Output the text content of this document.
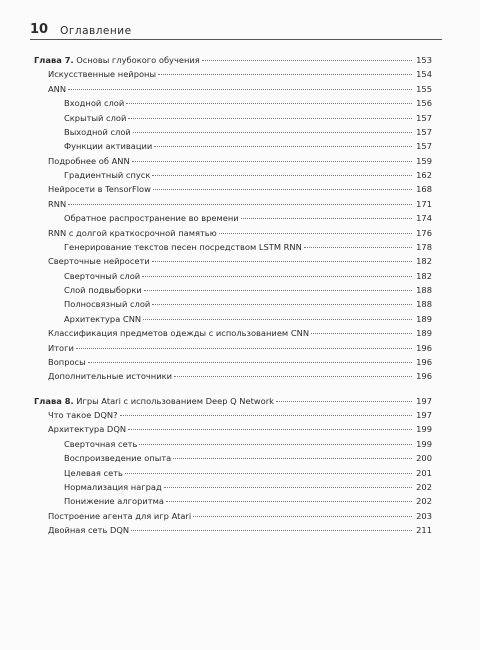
10 Оглавление
Глава 7. Основы глубокого обучения	153
Искусственные нейроны	154
ANN	155
Входной слой	156
Скрытый слой	157
Выходной слой	157
Функции активации	157
Подробнее об ANN	159
Градиентный спуск	162
Нейросети в TensorFlow	168
RNN	171
Обратное распространение во времени	174
RNN с долгой краткосрочной памятью	176
Генерирование текстов песен посредством LSTM RNN	178
Сверточные нейросети	182
Сверточный слой	182
Слой подвыборки	188
Полносвязный слой	188
Архитектура CNN	189
Классификация предметов одежды с использованием CNN	189
Итоги	196
Вопросы	196
Дополнительные источники	196
Глава 8. Игры Atari с использованием Deep Q Network	197
Что такое DQN?	197
Архитектура DQN	199
Сверточная сеть	199
Воспроизведение опыта	200
Целевая сеть	201
Нормализация наград	202
Понижение алгоритма	202
Построение агента для игр Atari	203
Двойная сеть DQN	211
